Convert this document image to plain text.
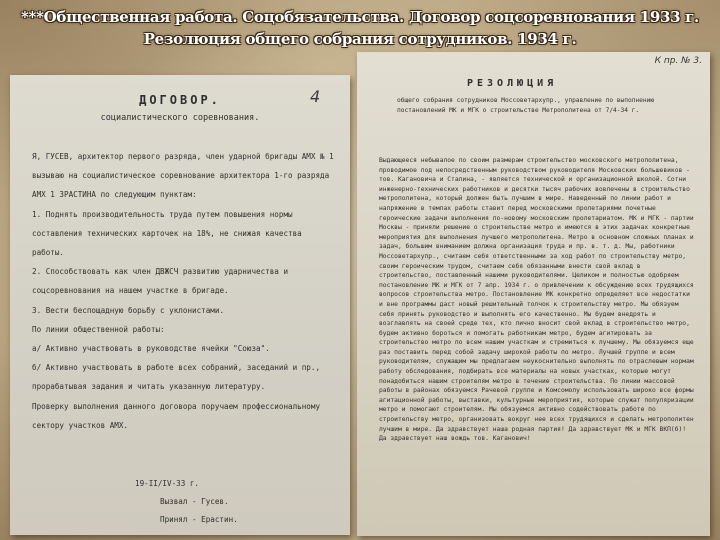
***Общественная работа. Соцобязательства. Договор соцсоревнования 1933 г.
Резолюция общего собрания сотрудников. 1934 г.
ДОГОВОР.
социалистического соревнования.
4
Я, ГУСЕВ, архитектор первого разряда, член ударной бригады АМХ № 1 вызываю на социалистическое соревнование архитектора 1-го разряда АМХ 1 ЗРАСТИНА по следующим пунктам:
1. Поднять производительность труда путем повышения нормы составления технических карточек на 18%, не снижая качества работы.
2. Способствовать как член ДВЖСЧ развитию ударничества и соцсоревнования на нашем участке в бригаде.
3. Вести беспощадную борьбу с уклонистами.
По линии общественной работы:
а/ Активно участвовать в руководстве ячейки "Союза".
б/ Активно участвовать в работе всех собраний, заседаний и пр., прорабатывая задания и читать указанную литературу.
Проверку выполнения данного договора поручаем профессиональному сектору участков АМХ.
19-II/IV-33 г.
Вызвал - Гусев.
Принял - Ерастин.
К пр. № 3.
РЕЗОЛЮЦИЯ
общего собрания сотрудников Моссоветархупр., управление по выполнению постановлений МК и МГК о строительстве Метрополитена от 7/4-34 г.
Выдающееся небывалое по своим размерам строительство московского метрополитена, проводимое под непосредственным руководством руководителя Московских большевиков - тов. Кагановича и Сталина, - является технической и организационной школой. Сотни инженерно-технических работников и десятки тысяч рабочих вовлечены в строительство метрополитена, который должен быть лучшим в мире. Наведенный по линии работ и напряжение в темпах работы ставит перед московскими пролетариями почетные героические задачи выполнения по-новому московским пролетариатом. МК и МГК - партии Москвы - приняли решение о строительстве метро и имеются в этих задачах конкретные мероприятия для выполнения лучшего метрополитена. Метро в основном сложных планах и задач, большим вниманием должна организация труда и пр. в. т. д. Мы, работники Моссоветархупр., считаем себя ответственными за ход работ по строительству метро, своим героическим трудом, считаем себя обязанными внести свой вклад в строительство, поставленный нашими руководителями. Целиком и полностью одобряем постановление МК и МГК от 7 апр. 1934 г. о привлечении к обсуждению всех трудящихся вопросов строительства метро. Постановление МК конкретно определяет все недостатки и вне программы даст новый решительный толчок к строительству метро. Мы обязуем себя принять руководство и выполнять его качественно. Мы будем внедрять и возглавлять на своей среде тех, кто лично вносит свой вклад в строительство метро, будем активно бороться и помогать работникам метро, будем агитировать за строительство метро по всем нашим участкам и стремиться к лучшему. Мы обязуемся еще раз поставить перед собой задачу широкой работы по метро. Лучшей группе и всем руководителям, служащим мы предлагаем неукоснительно выполнять по отраслевым нормам работу обследования, подбирать все материалы на новых участках, которые могут понадобиться нашим строителям метро в течение строительства. По линии массовой работы в районах обязуемся Рачевой группе и Комсомолу использовать широко все формы агитационной работы, выставки, культурные мероприятия, которые служат популяризации метро и помогают строителям. Мы обязуемся активно содействовать работе по строительству метро, организовать вокруг нее всех трудящихся и сделать метрополитен лучшим в мире. Да здравствует наша родная партия! Да здравствует МК и МГК ВКП(б)! Да здравствует наш вождь тов. Каганович!
